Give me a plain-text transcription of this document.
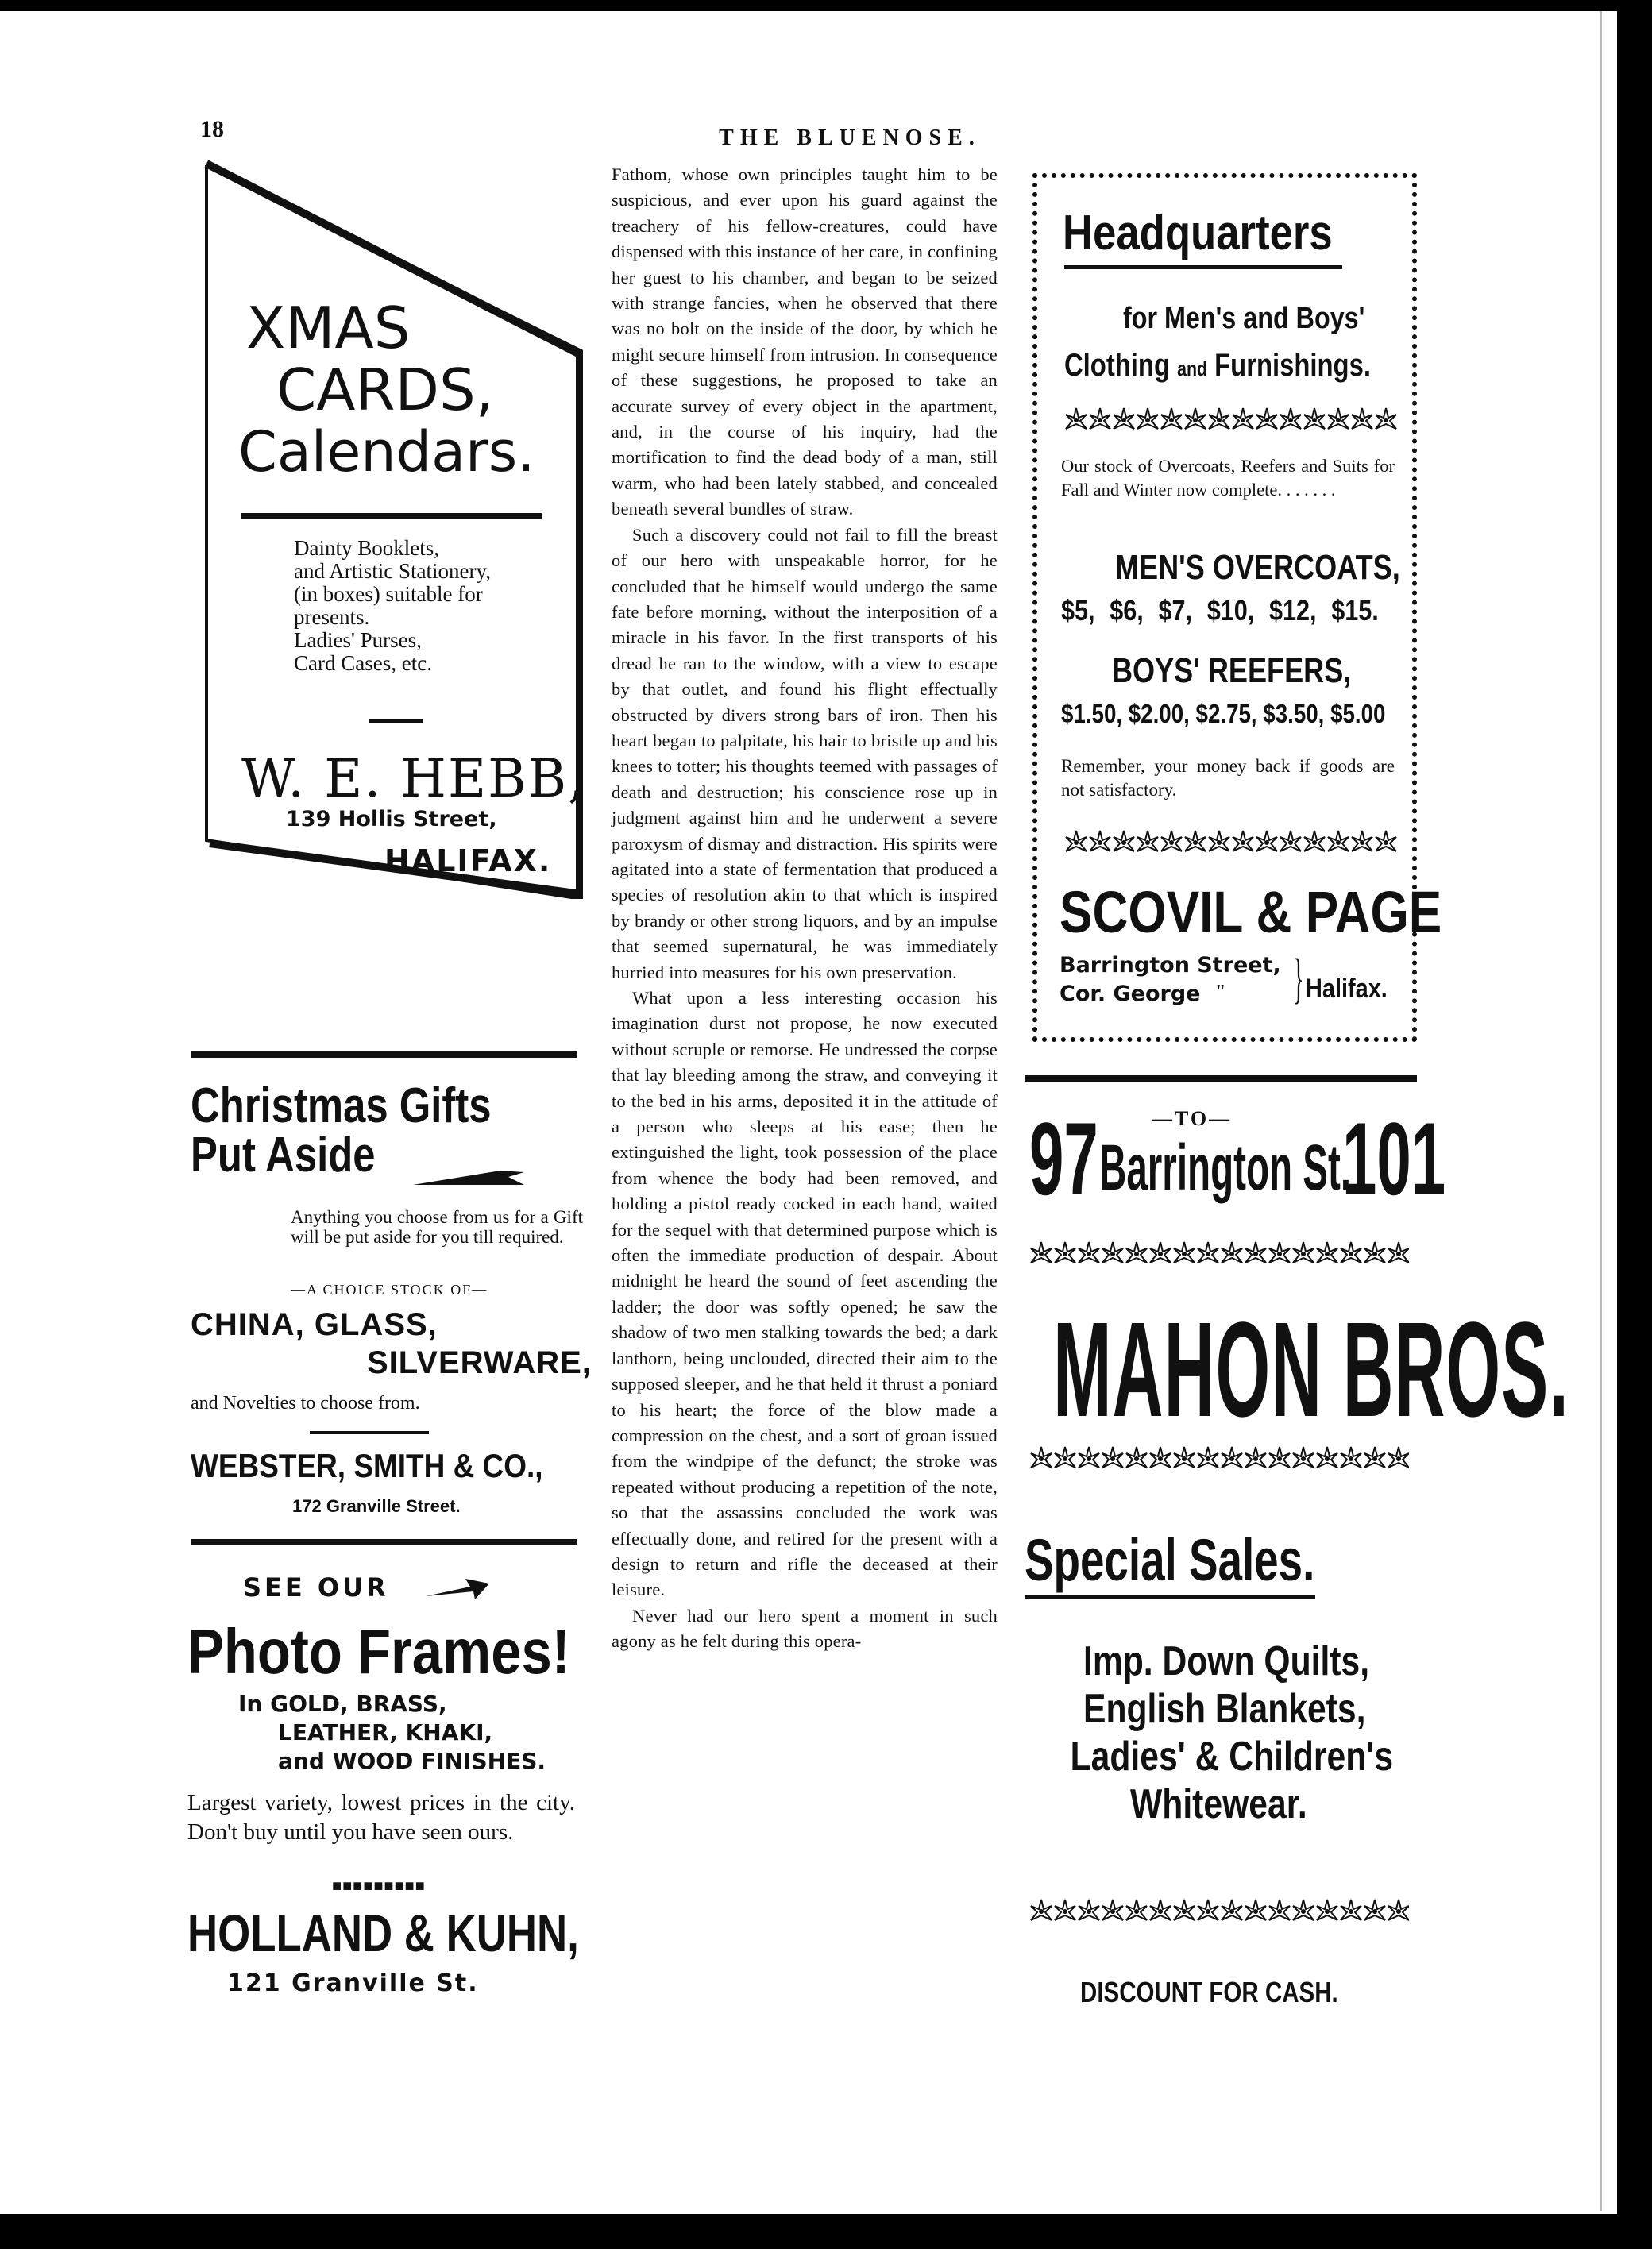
18	THE BLUENOSE.
XMAS
CARDS,
Calendars.
Dainty Booklets,
and Artistic Stationery,
(in boxes) suitable for
presents.
Ladies' Purses,
Card Cases, etc.
W. E. HEBB,
139 Hollis Street,
HALIFAX.
Christmas Gifts
Put Aside
Anything you choose from us for a Gift will be put aside for you till required.
—A CHOICE STOCK OF—
CHINA, GLASS,
SILVERWARE,
and Novelties to choose from.
WEBSTER, SMITH & CO.,
172 Granville Street.
SEE OUR
Photo Frames!
In GOLD, BRASS,
LEATHER, KHAKI,
and WOOD FINISHES.
Largest variety, lowest prices in the city. Don't buy until you have seen ours.
■■■■■■■■■
HOLLAND & KUHN,
121 Granville St.

Fathom, whose own principles taught him to be suspicious, and ever upon his guard against the treachery of his fellow-creatures, could have dispensed with this instance of her care, in confining her guest to his chamber, and began to be seized with strange fancies, when he observed that there was no bolt on the inside of the door, by which he might secure himself from intrusion. In consequence of these suggestions, he proposed to take an accurate survey of every object in the apartment, and, in the course of his inquiry, had the mortification to find the dead body of a man, still warm, who had been lately stabbed, and concealed beneath several bundles of straw.

Such a discovery could not fail to fill the breast of our hero with unspeakable horror, for he concluded that he himself would undergo the same fate before morning, without the interposition of a miracle in his favor. In the first transports of his dread he ran to the window, with a view to escape by that outlet, and found his flight effectually obstructed by divers strong bars of iron. Then his heart began to palpitate, his hair to bristle up and his knees to totter; his thoughts teemed with passages of death and destruction; his conscience rose up in judgment against him and he underwent a severe paroxysm of dismay and distraction. His spirits were agitated into a state of fermentation that produced a species of resolution akin to that which is inspired by brandy or other strong liquors, and by an impulse that seemed supernatural, he was immediately hurried into measures for his own preservation.

What upon a less interesting occasion his imagination durst not propose, he now executed without scruple or remorse. He undressed the corpse that lay bleeding among the straw, and conveying it to the bed in his arms, deposited it in the attitude of a person who sleeps at his ease; then he extinguished the light, took possession of the place from whence the body had been removed, and holding a pistol ready cocked in each hand, waited for the sequel with that determined purpose which is often the immediate production of despair. About midnight he heard the sound of feet ascending the ladder; the door was softly opened; he saw the shadow of two men stalking towards the bed; a dark lanthorn, being unclouded, directed their aim to the supposed sleeper, and he that held it thrust a poniard to his heart; the force of the blow made a compression on the chest, and a sort of groan issued from the windpipe of the defunct; the stroke was repeated without producing a repetition of the note, so that the assassins concluded the work was effectually done, and retired for the present with a design to return and rifle the deceased at their leisure.

Never had our hero spent a moment in such agony as he felt during this opera-

Headquarters
for Men's and Boys'
Clothing and Furnishings.
Our stock of Overcoats, Reefers and Suits for Fall and Winter now complete. . . . . . .
MEN'S OVERCOATS,
$5, $6, $7, $10, $12, $15.
BOYS' REEFERS,
$1.50, $2.00, $2.75, $3.50, $5.00
Remember, your money back if goods are not satisfactory.
SCOVIL & PAGE
Barrington Street,
Cor. George " } Halifax.
97	—TO—
Barrington St.
101
MAHON BROS.
Special Sales.
Imp. Down Quilts,
English Blankets,
Ladies' & Children's
Whitewear.
DISCOUNT FOR CASH.
